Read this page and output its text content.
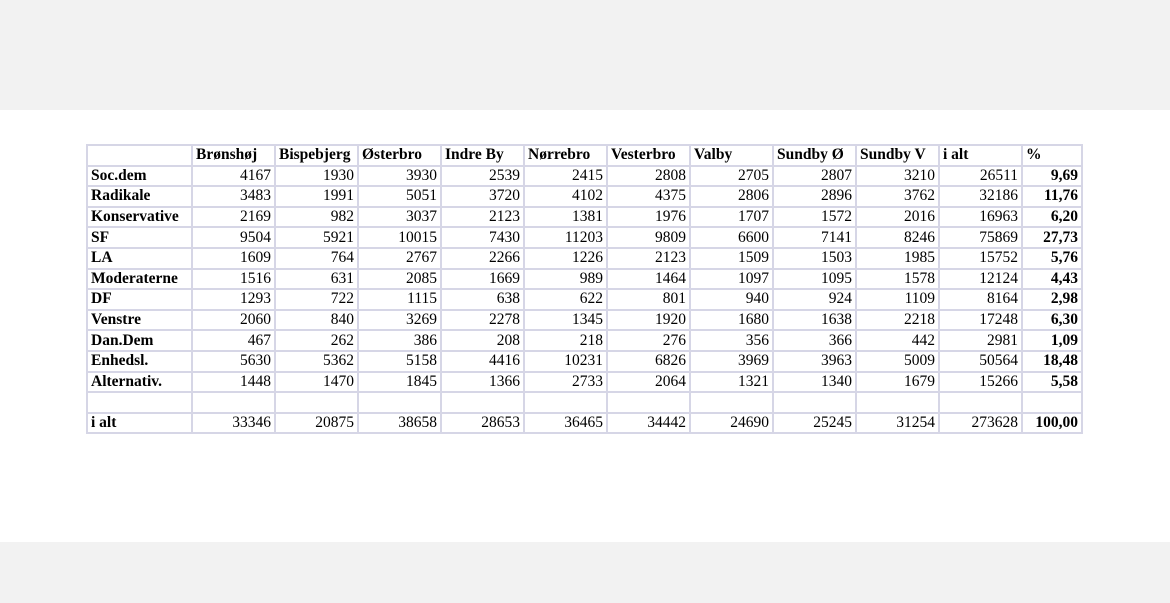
	Brønshøj	Bispebjerg	Østerbro	Indre By	Nørrebro	Vesterbro	Valby	Sundby Ø	Sundby V	i alt	%
Soc.dem	4167	1930	3930	2539	2415	2808	2705	2807	3210	26511	9,69
Radikale	3483	1991	5051	3720	4102	4375	2806	2896	3762	32186	11,76
Konservative	2169	982	3037	2123	1381	1976	1707	1572	2016	16963	6,20
SF	9504	5921	10015	7430	11203	9809	6600	7141	8246	75869	27,73
LA	1609	764	2767	2266	1226	2123	1509	1503	1985	15752	5,76
Moderaterne	1516	631	2085	1669	989	1464	1097	1095	1578	12124	4,43
DF	1293	722	1115	638	622	801	940	924	1109	8164	2,98
Venstre	2060	840	3269	2278	1345	1920	1680	1638	2218	17248	6,30
Dan.Dem	467	262	386	208	218	276	356	366	442	2981	1,09
Enhedsl.	5630	5362	5158	4416	10231	6826	3969	3963	5009	50564	18,48
Alternativ.	1448	1470	1845	1366	2733	2064	1321	1340	1679	15266	5,58

i alt	33346	20875	38658	28653	36465	34442	24690	25245	31254	273628	100,00
